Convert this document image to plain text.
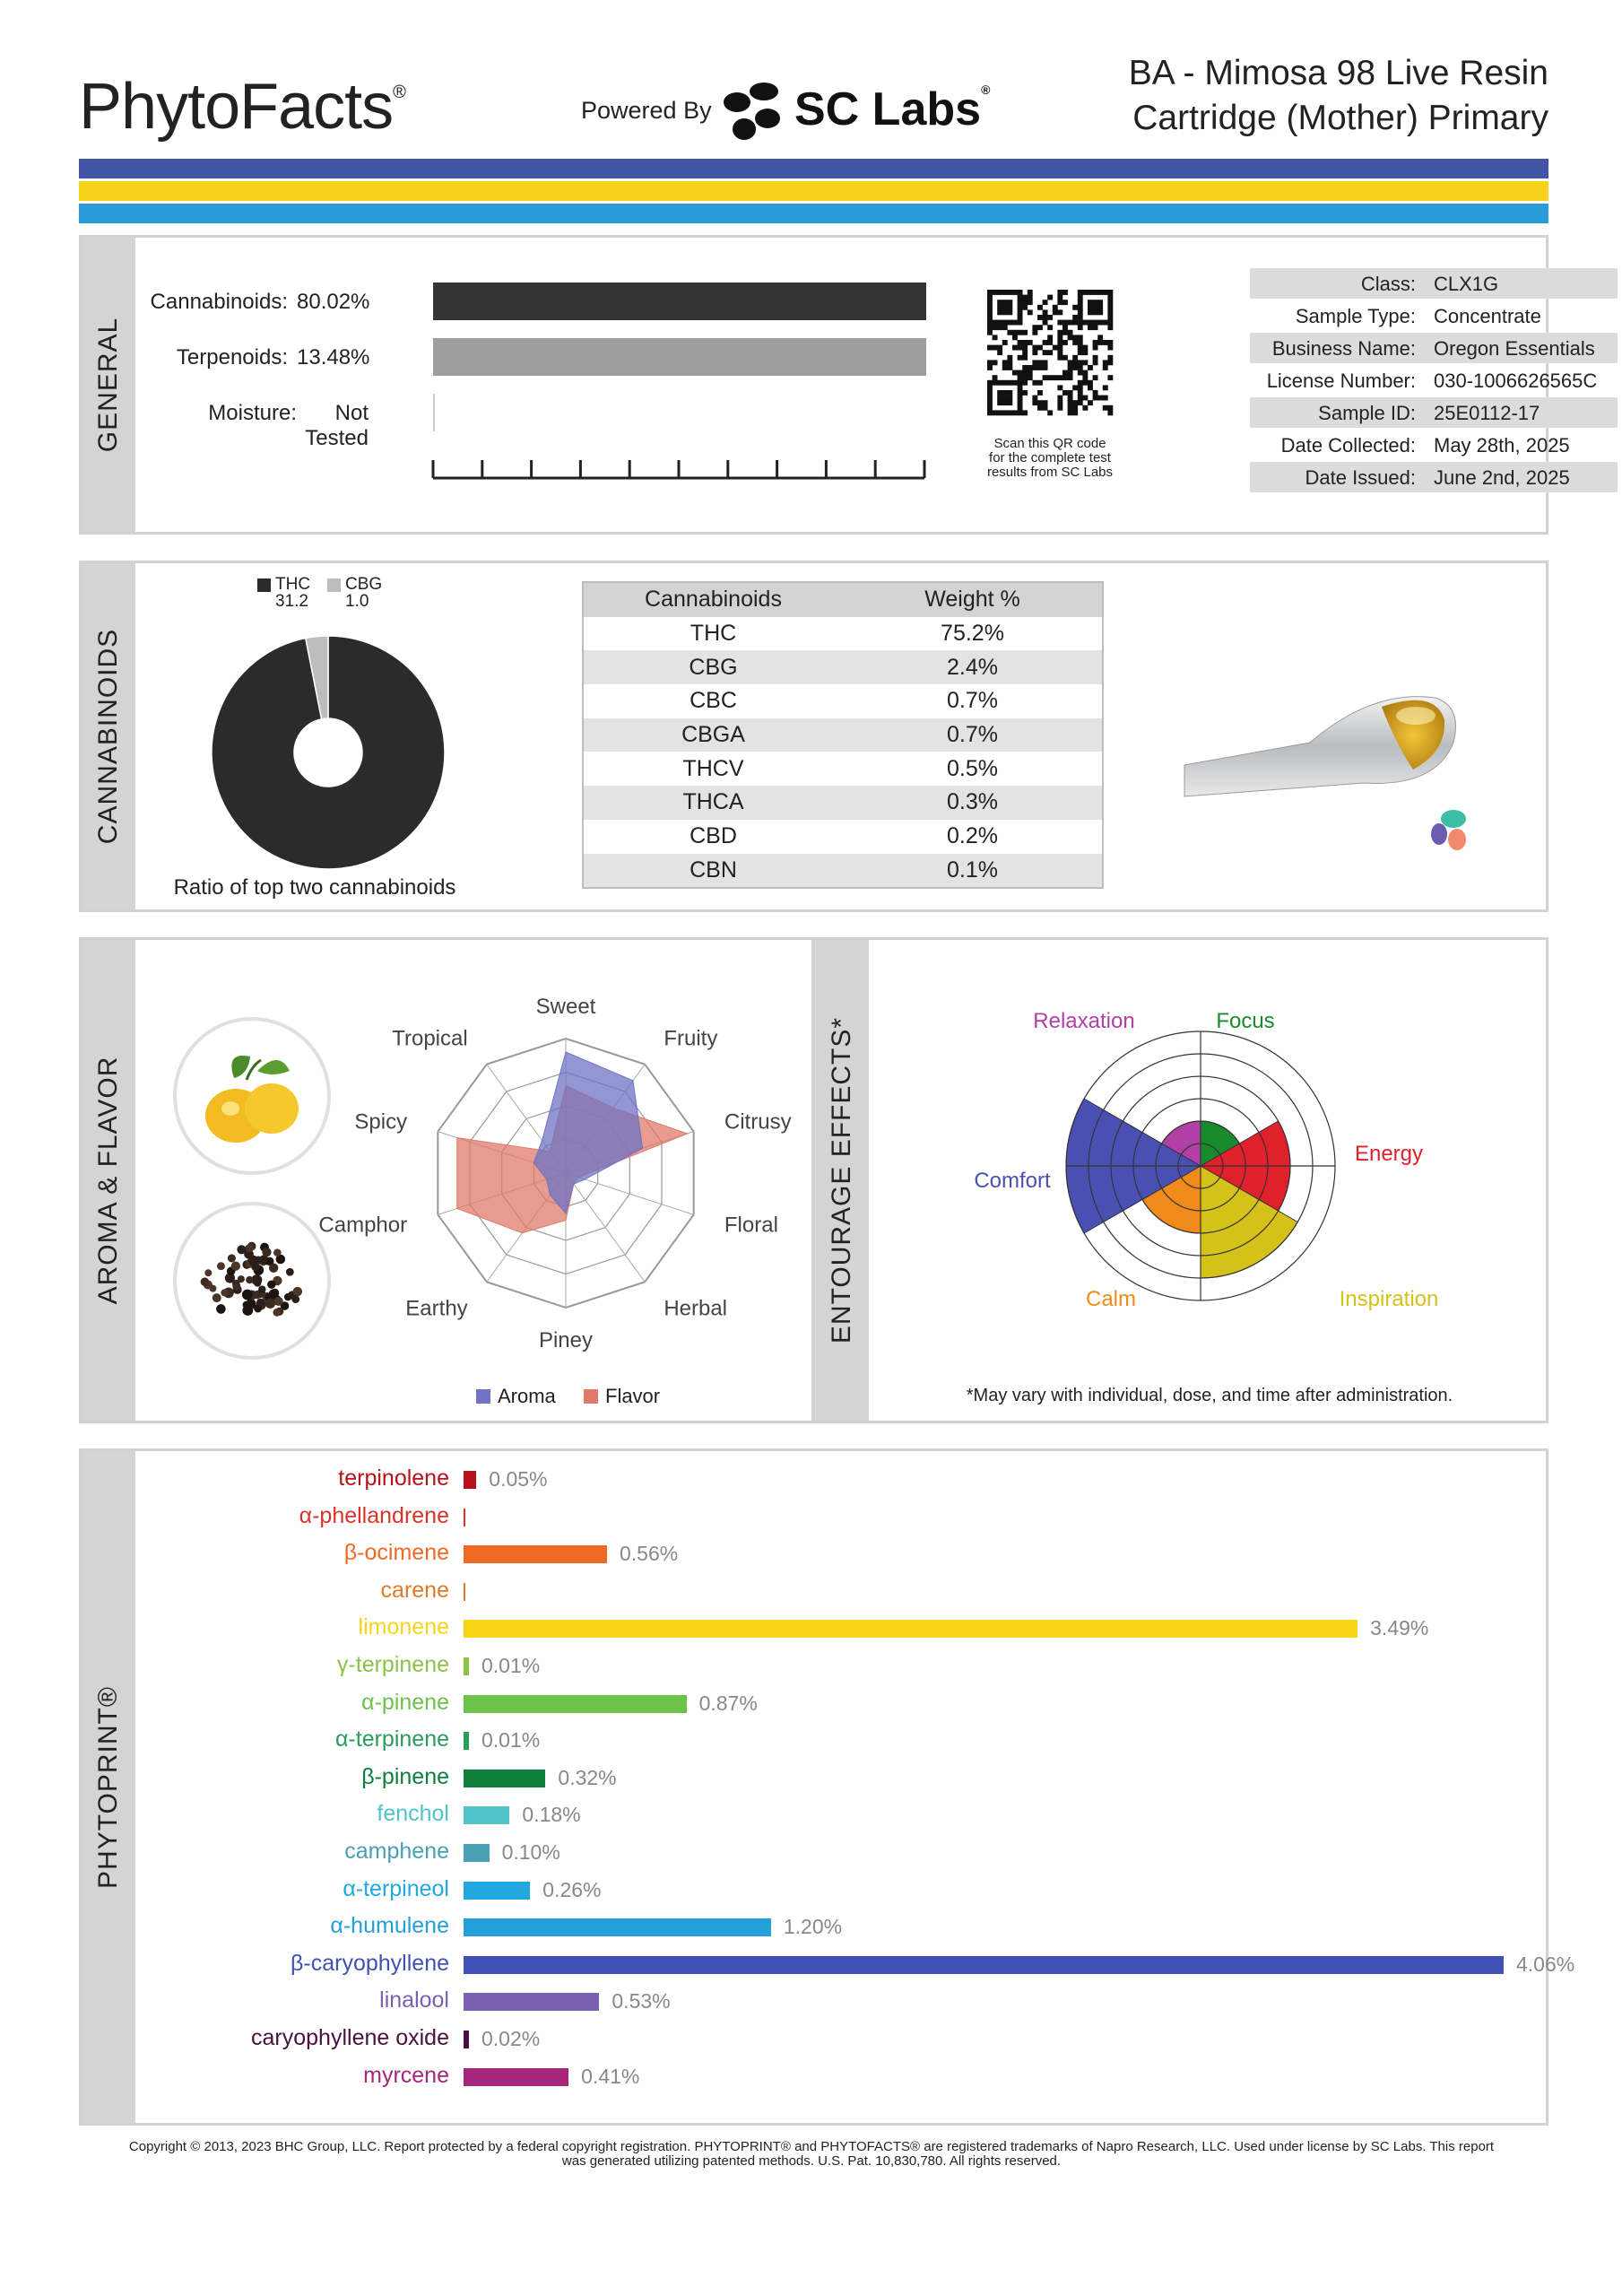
PhytoFacts®
Powered By SC Labs®	BA - Mimosa 98 Live Resin
Cartridge (Mother) Primary
GENERAL
Cannabinoids: 80.02%
Terpenoids: 13.48%
Moisture:	Not Tested	Scan this QR code
for the complete test
results from SC Labs
Class: CLX1G
Sample Type: Concentrate
Business Name: Oregon Essentials
License Number: 030-1006626565C
Sample ID: 25E0112-17
Date Collected: May 28th, 2025
Date Issued: June 2nd, 2025
CANNABINOIDS
THC
31.2
CBG
1.0
Ratio of top two cannabinoids
Cannabinoids	Weight %
THC	75.2%
CBG	2.4%
CBC	0.7%
CBGA	0.7%
THCV	0.5%
THCA	0.3%
CBD	0.2%
CBN	0.1%
AROMA & FLAVOR
Sweet
Fruity
Citrusy
Floral
Herbal
Piney
Earthy
Camphor
Spicy
Tropical
Aroma	Flavor
ENTOURAGE EFFECTS*	Focus
Energy
Inspiration
Calm
Comfort
Relaxation
*May vary with individual, dose, and time after administration.
PHYTOPRINT®
terpinolene 0.05%
α-phellandrene
β-ocimene	0.56%
carene
limonene	3.49%
γ-terpinene 0.01%
α-pinene	0.87%
α-terpinene 0.01%
β-pinene	0.32%
fenchol	0.18%
camphene	0.10%
α-terpineol	0.26%
α-humulene	1.20%
β-caryophyllene	4.06%
linalool	0.53%
caryophyllene oxide 0.02%
myrcene	0.41%
Copyright © 2013, 2023 BHC Group, LLC. Report protected by a federal copyright registration. PHYTOPRINT® and PHYTOFACTS® are registered trademarks of Napro Research, LLC. Used under license by SC Labs. This report
was generated utilizing patented methods. U.S. Pat. 10,830,780. All rights reserved.
